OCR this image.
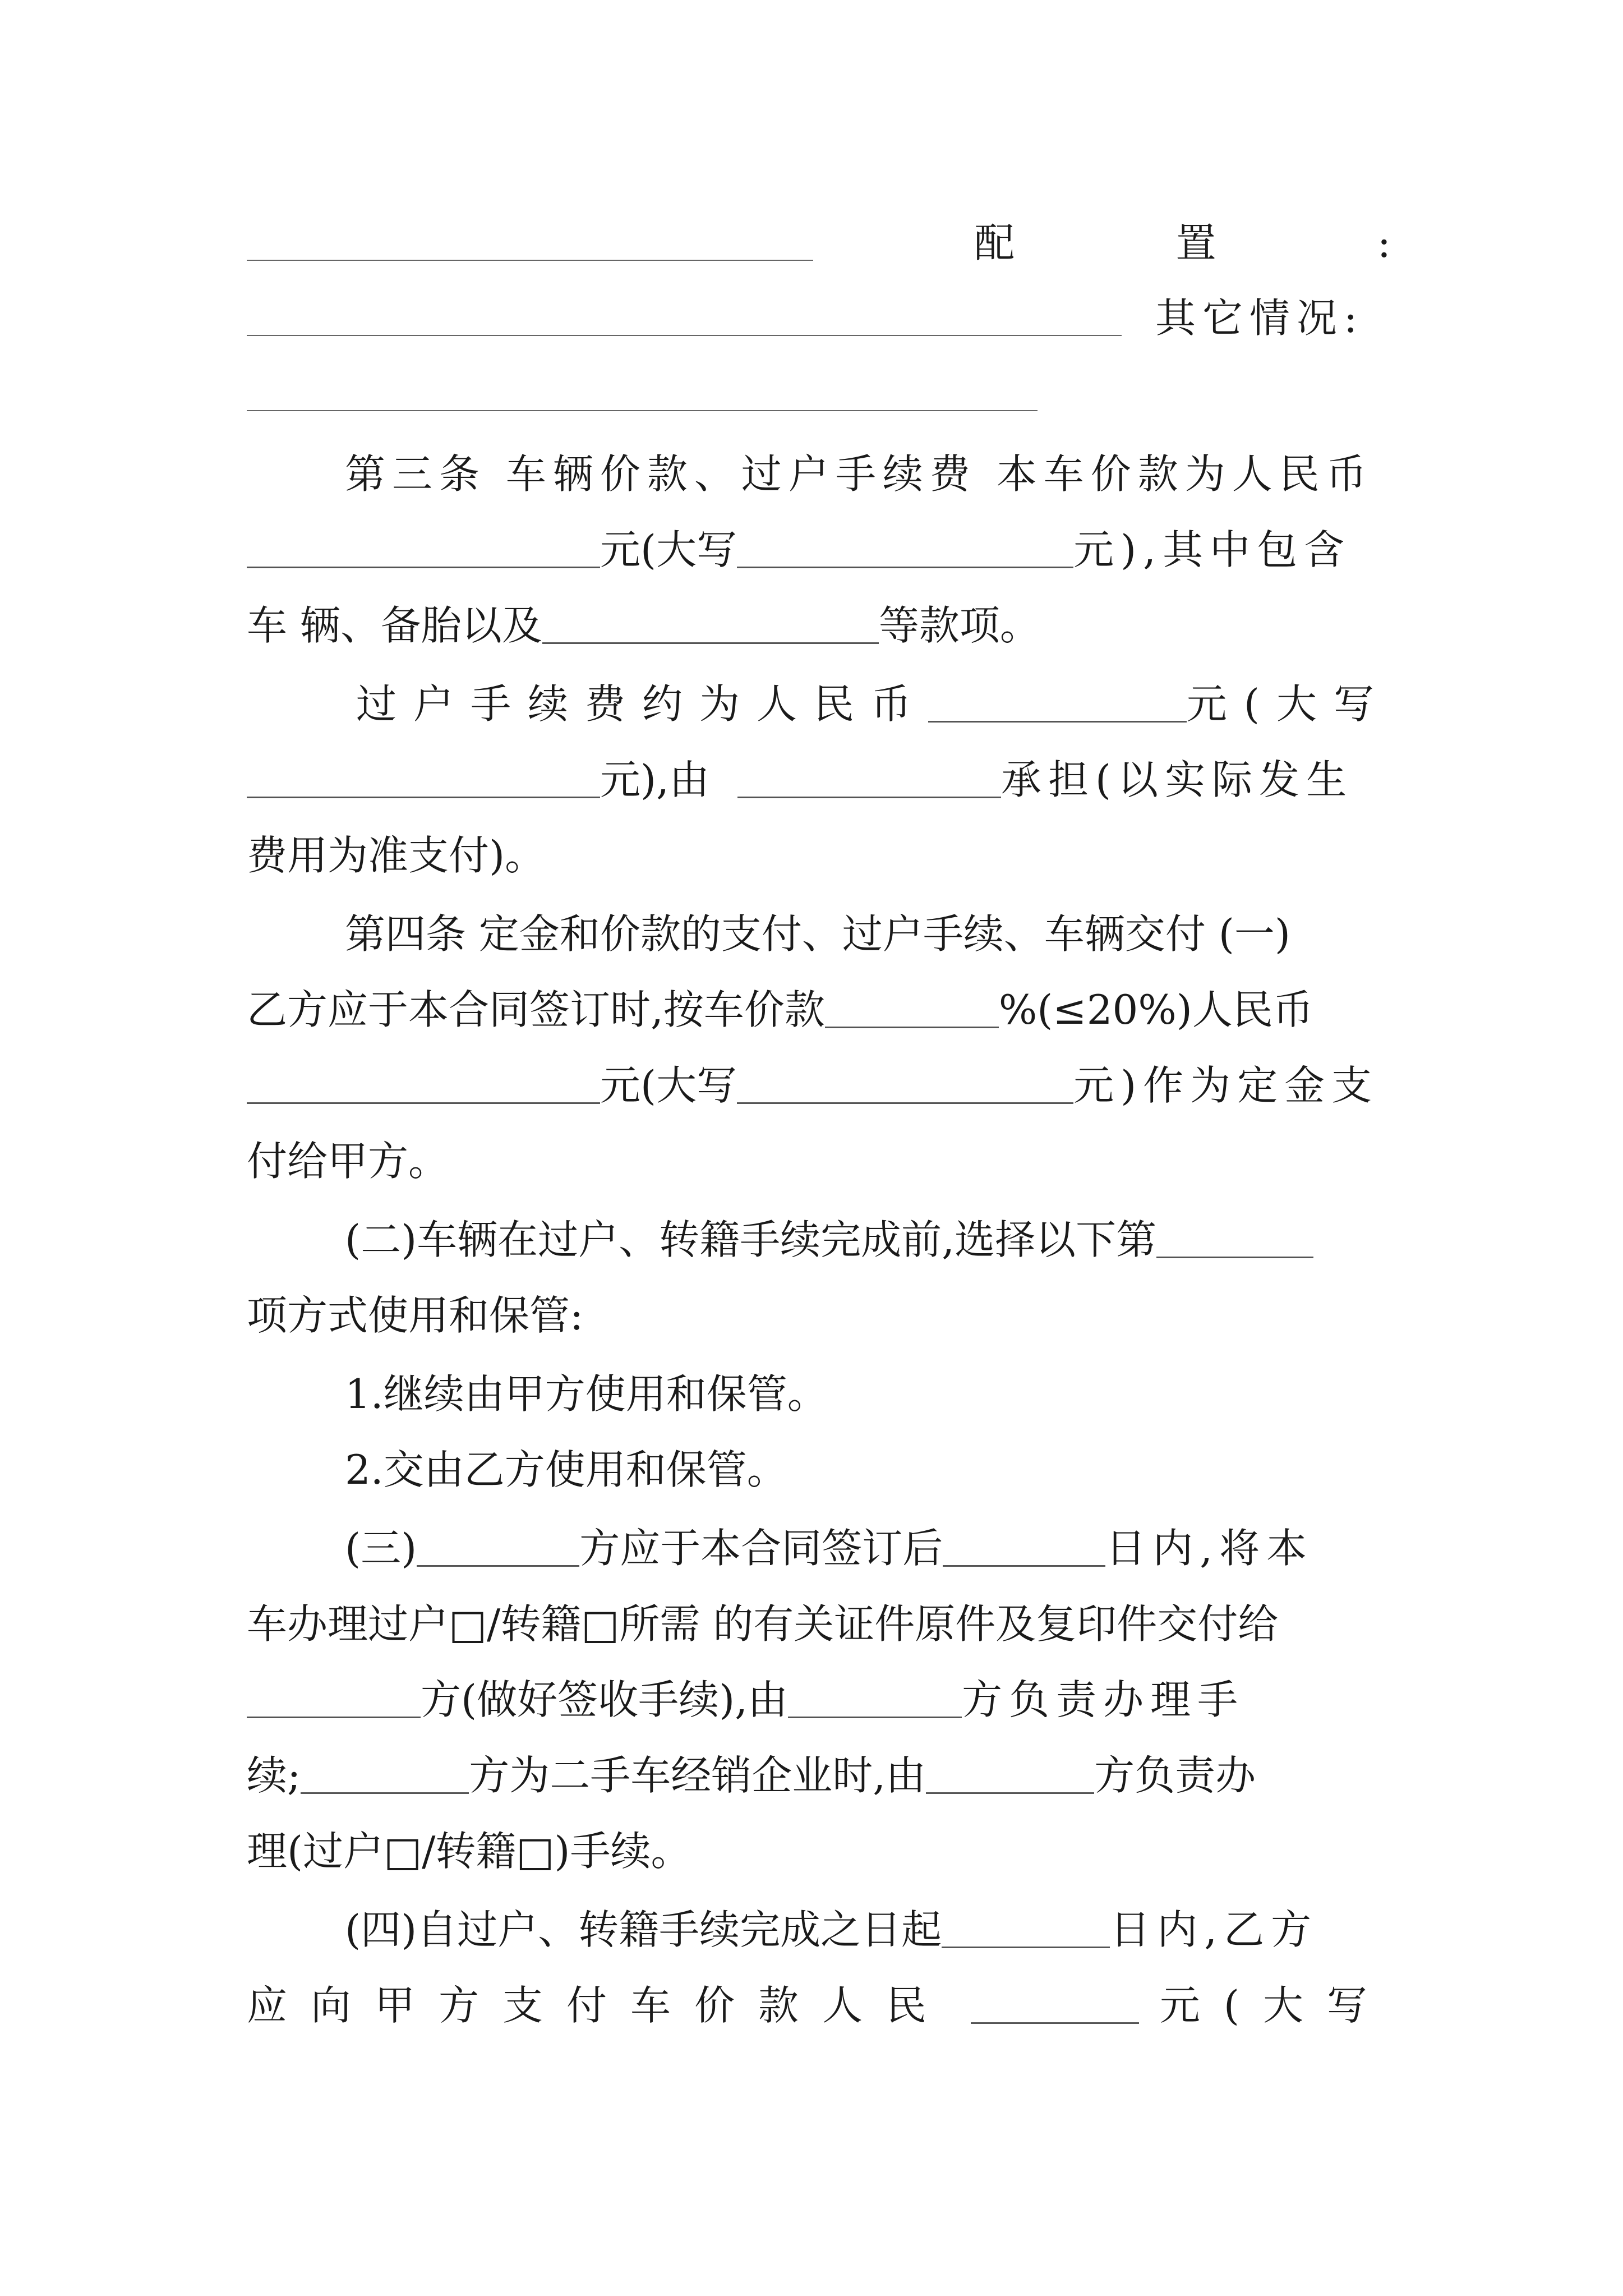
配	置	:
其它情况:
第三条 车辆价款、过户手续费 本车价款为人民币
元(大写	元),其中包含
车 辆、备胎以及	等款项。
过户手续费约为人民币	元(大写
元),由	承担(以实际发生
费用为准支付)。
第四条 定金和价款的支付、过户手续、车辆交付 (一)
乙方应于本合同签订时,按车价款	%(≤20%)人民币
元(大写	元)作为定金支
付给甲方。
(二)车辆在过户、转籍手续完成前,选择以下第
项方式使用和保管:
1.继续由甲方使用和保管。
2.交由乙方使用和保管。
(三)	方应于本合同签订后	日内,将本
车办理过户□/转籍□所需 的有关证件原件及复印件交付给
方(做好签收手续),由	方负责办理手
续;	方为二手车经销企业时,由	方负责办
理(过户□/转籍□)手续。
(四)自过户、转籍手续完成之日起	日内,乙方
应向甲方支付车价款人民	元(大写
